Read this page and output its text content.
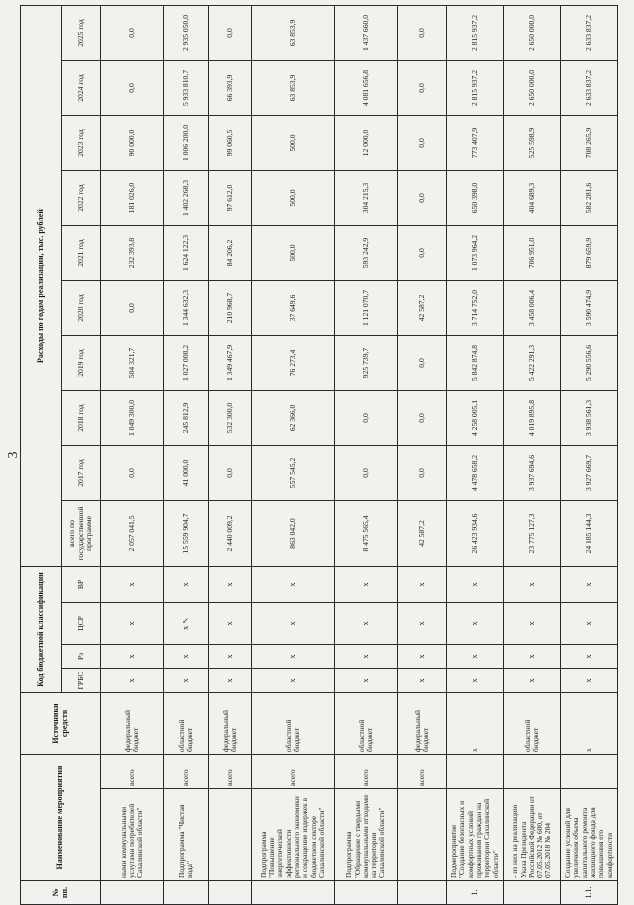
3
№ пп.	Наименование мероприятия		Источники средств	Код бюджетной классификации				Расходы по годам реализации, тыс. рублей									
				ГРБС	Рз	ЦСР	ВР	всего по государственной программе	2017 год	2018 год	2019 год	2020 год	2021 год	2022 год	2023 год	2024 год	2025 год
	ными коммунальными услугами потребителей Сахалинской области"	всего	федеральный бюджет	x	x	x	x	2 057 041,5	0,0	1 049 300,0	504 321,7	0,0	232 393,8	181 026,0	90 000,0	0,0	0,0
	Подпрограмма "Чистая вода"	всего	областной бюджет	x	x	x ↖	x	15 559 904,7	41 000,0	245 812,9	1 027 008,2	1 344 632,3	1 624 122,3	1 402 268,3	1 006 200,0	5 933 810,7	2 935 050,0
		всего	федеральный бюджет	x	x	x	x	2 440 009,2	0,0	532 300,0	1 349 467,9	210 968,7	84 206,2	97 612,0	99 060,5	66 393,9	0,0
	Подпрограмма "Повышение энергетической эффективности регионального экономики и сокращение издержек в бюджетном секторе Сахалинской области"	всего	областной бюджет	x	x	x	x	863 042,0	557 545,2	62 366,0	76 273,4	37 649,6	500,0	500,0	500,0	63 853,9	63 853,9
	Подпрограмма "Обращение с твердыми коммунальными отходами на территории Сахалинской области"	всего	областной бюджет	x	x	x	x	8 475 565,4	0,0	0,0	925 739,7	1 121 070,7	593 242,9	304 215,3	12 000,0	4 081 656,8	1 437 660,0
		всего	федеральный бюджет	x	x	x	x	42 587,2	0,0	0,0	0,0	42 587,2	0,0	0,0	0,0	0,0	0,0
1.	Подмероприятие "Создание безопасных и комфортных условий проживания граждан на территории Сахалинской области"		x	x	x	x	x	26 423 934,6	4 478 658,2	4 258 005,1	5 842 874,8	3 714 752,0	1 073 964,2	650 398,0	773 407,9	2 815 937,2	2 815 937,2
	- из них на реализацию Указа Президента Российской Федерации от 07.05.2012 № 600, от 07.05.2018 № 204		областной бюджет	x	x	x	x	23 775 127,3	3 937 694,6	4 019 895,8	5 422 291,3	3 458 006,4	706 951,0	404 689,3	525 598,9	2 650 000,0	2 650 000,0
1.1.	Создание условий для увеличения объема капитального ремонта жилищного фонда для повышения его комфортности		x	x	x	x	x	24 185 144,3	3 927 669,7	3 938 561,3	5 290 556,6	3 590 474,9	879 659,9	582 281,6	708 265,9	2 633 837,2	2 633 837,2
